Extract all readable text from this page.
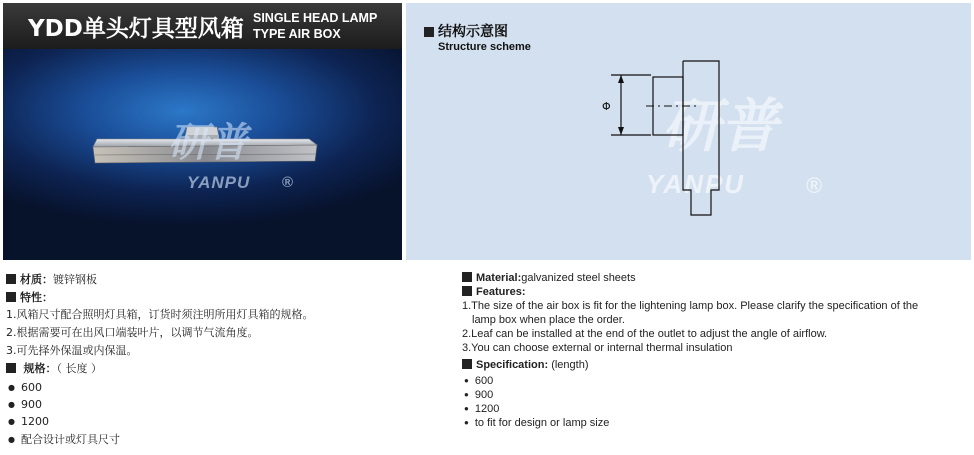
YDD单头灯具型风箱 SINGLE HEAD LAMP
TYPE AIR BOX
研普
YANPU ®
研普
YANPU	®
结构示意图
Structure scheme
Φ
材质：镀锌钢板
特性：
1.风箱尺寸配合照明灯具箱，订货时须注明所用灯具箱的规格。
2.根据需要可在出风口端装叶片，以调节气流角度。
3.可先择外保温或内保温。
规格：（ 长度 ）
● 600
● 900
● 1200
● 配合设计或灯具尺寸
Material:galvanized steel sheets
Features:
1.The size of the air box is fit for the lightening lamp box. Please clarify the specification of the
lamp box when place the order.
2.Leaf can be installed at the end of the outlet to adjust the angle of airflow.
3.You can choose external or internal thermal insulation
Specification: (length)
● 600
● 900
● 1200
● to fit for design or lamp size
